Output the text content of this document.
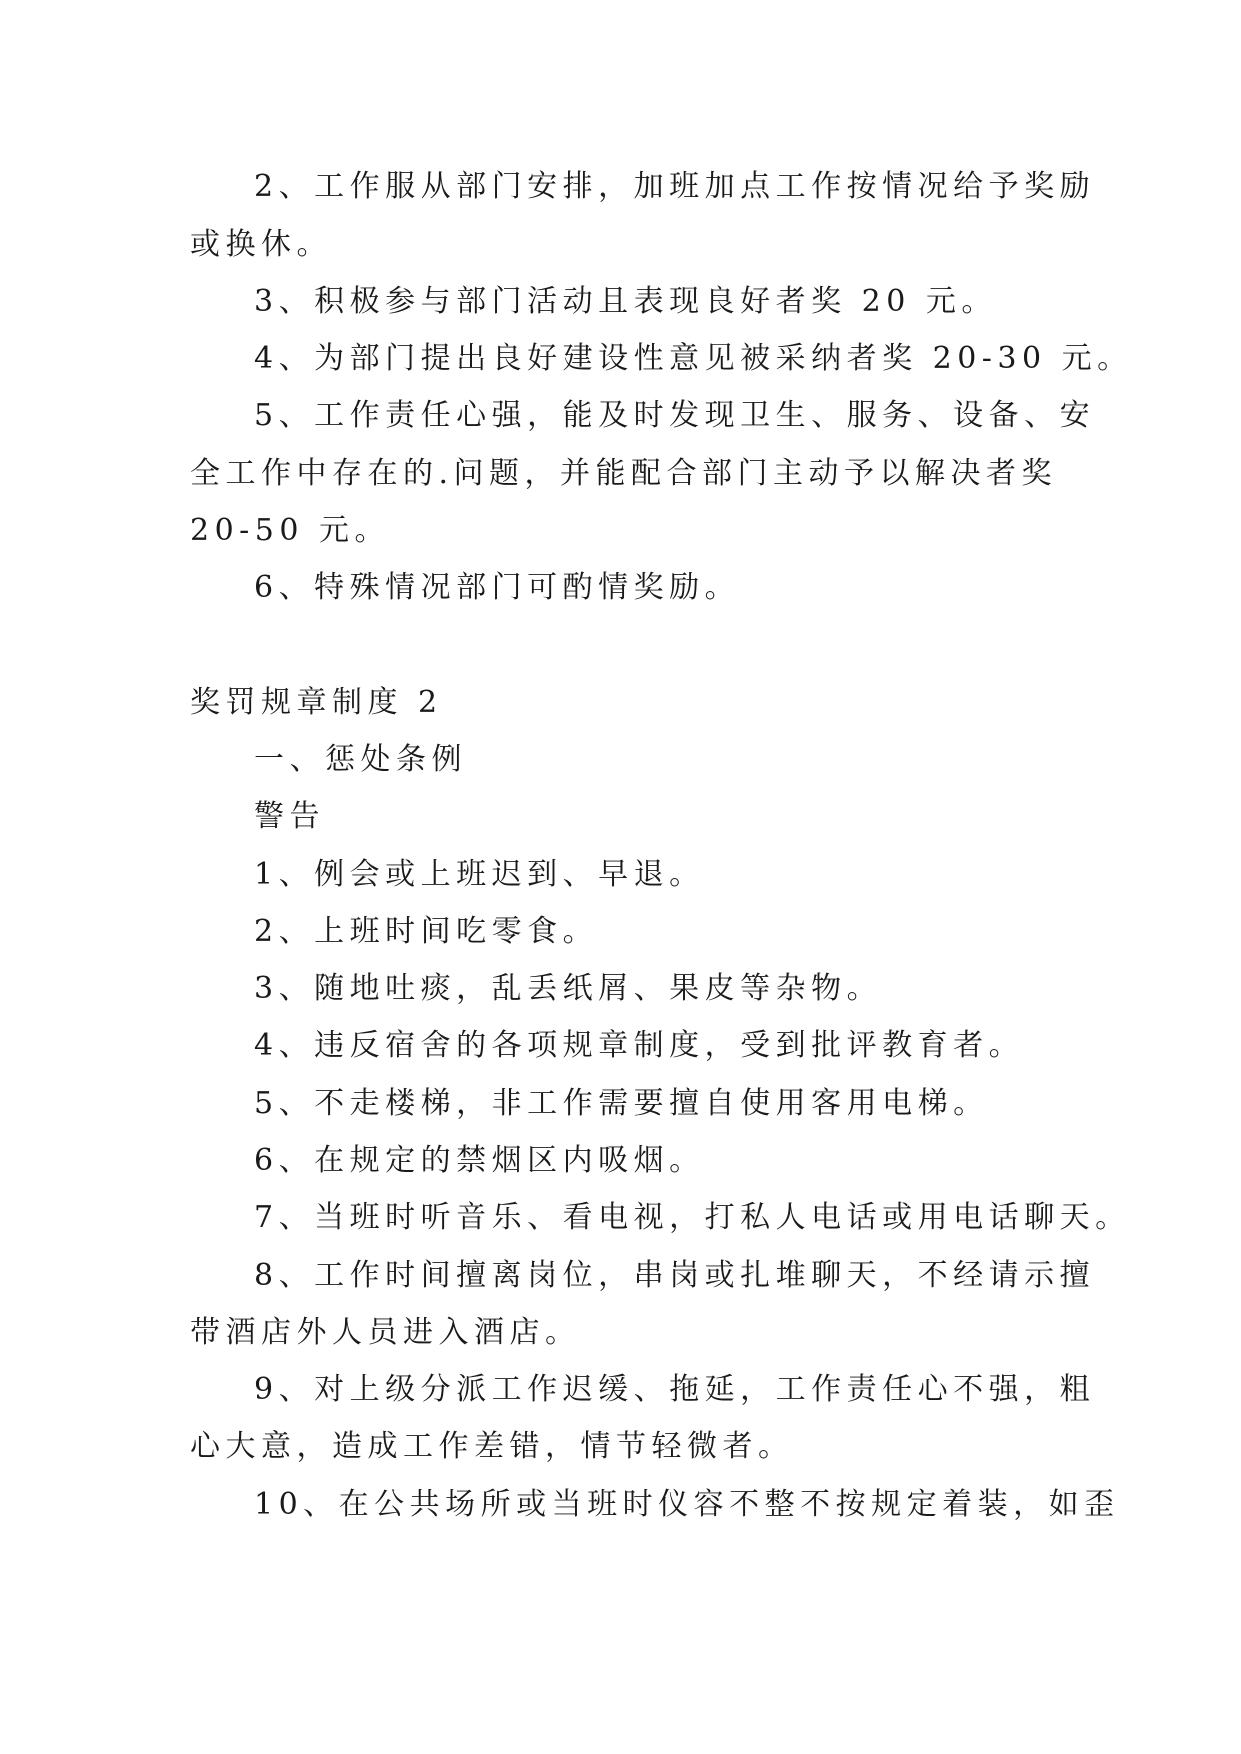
2、工作服从部门安排，加班加点工作按情况给予奖励
或换休。
3、积极参与部门活动且表现良好者奖 20 元。
4、为部门提出良好建设性意见被采纳者奖 20-30 元。
5、工作责任心强，能及时发现卫生、服务、设备、安
全工作中存在的.问题，并能配合部门主动予以解决者奖
20-50 元。
6、特殊情况部门可酌情奖励。
奖罚规章制度 2
一、惩处条例
警告
1、例会或上班迟到、早退。
2、上班时间吃零食。
3、随地吐痰，乱丢纸屑、果皮等杂物。
4、违反宿舍的各项规章制度，受到批评教育者。
5、不走楼梯，非工作需要擅自使用客用电梯。
6、在规定的禁烟区内吸烟。
7、当班时听音乐、看电视，打私人电话或用电话聊天。
8、工作时间擅离岗位，串岗或扎堆聊天，不经请示擅
带酒店外人员进入酒店。
9、对上级分派工作迟缓、拖延，工作责任心不强，粗
心大意，造成工作差错，情节轻微者。
10、在公共场所或当班时仪容不整不按规定着装，如歪
